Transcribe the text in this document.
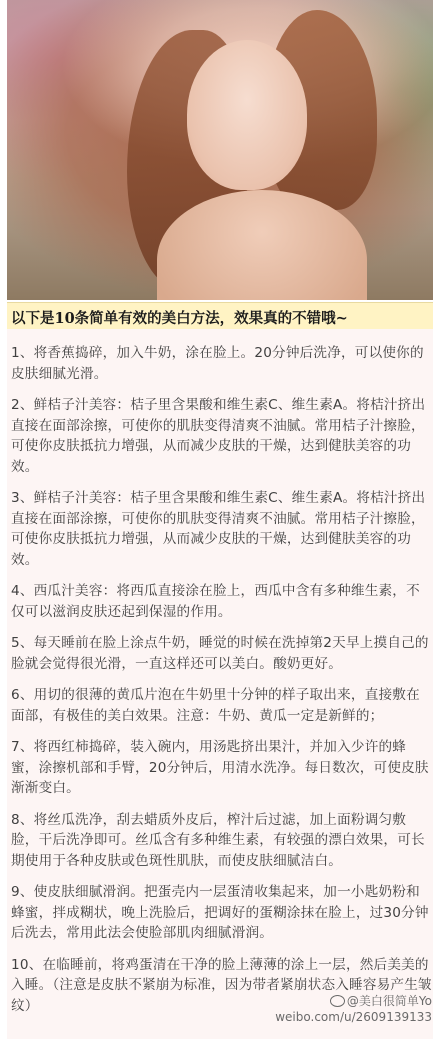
以下是10条简单有效的美白方法，效果真的不错哦~

1、将香蕉捣碎，加入牛奶，涂在脸上。20分钟后洗净，可以使你的皮肤细腻光滑。

2、鲜桔子汁美容：桔子里含果酸和维生素C、维生素A。将桔汁挤出直接在面部涂擦，可使你的肌肤变得清爽不油腻。常用桔子汁擦脸，可使你皮肤抵抗力增强，从而减少皮肤的干燥，达到健肤美容的功效。

3、鲜桔子汁美容：桔子里含果酸和维生素C、维生素A。将桔汁挤出直接在面部涂擦，可使你的肌肤变得清爽不油腻。常用桔子汁擦脸，可使你皮肤抵抗力增强，从而减少皮肤的干燥，达到健肤美容的功效。

4、西瓜汁美容：将西瓜直接涂在脸上，西瓜中含有多种维生素，不仅可以滋润皮肤还起到保湿的作用。

5、每天睡前在脸上涂点牛奶，睡觉的时候在洗掉第2天早上摸自己的脸就会觉得很光滑，一直这样还可以美白。酸奶更好。

6、用切的很薄的黄瓜片泡在牛奶里十分钟的样子取出来，直接敷在面部，有极佳的美白效果。注意：牛奶、黄瓜一定是新鲜的；

7、将西红柿捣碎，装入碗内，用汤匙挤出果汁，并加入少许的蜂蜜，涂擦机部和手臂，20分钟后，用清水洗净。每日数次，可使皮肤渐渐变白。

8、将丝瓜洗净，刮去蜡质外皮后，榨汁后过滤，加上面粉调匀敷脸，干后洗净即可。丝瓜含有多种维生素，有较强的漂白效果，可长期使用于各种皮肤或色斑性肌肤，而使皮肤细腻洁白。

9、使皮肤细腻滑润。把蛋壳内一层蛋清收集起来，加一小匙奶粉和蜂蜜，拌成糊状，晚上洗脸后，把调好的蛋糊涂抹在脸上，过30分钟后洗去，常用此法会使脸部肌肉细腻滑润。

10、在临睡前，将鸡蛋清在干净的脸上薄薄的涂上一层，然后美美的入睡。（注意是皮肤不紧崩为标准，因为带者紧崩状态入睡容易产生皱纹）	@美白很简单Yo
weibo.com/u/2609139133
